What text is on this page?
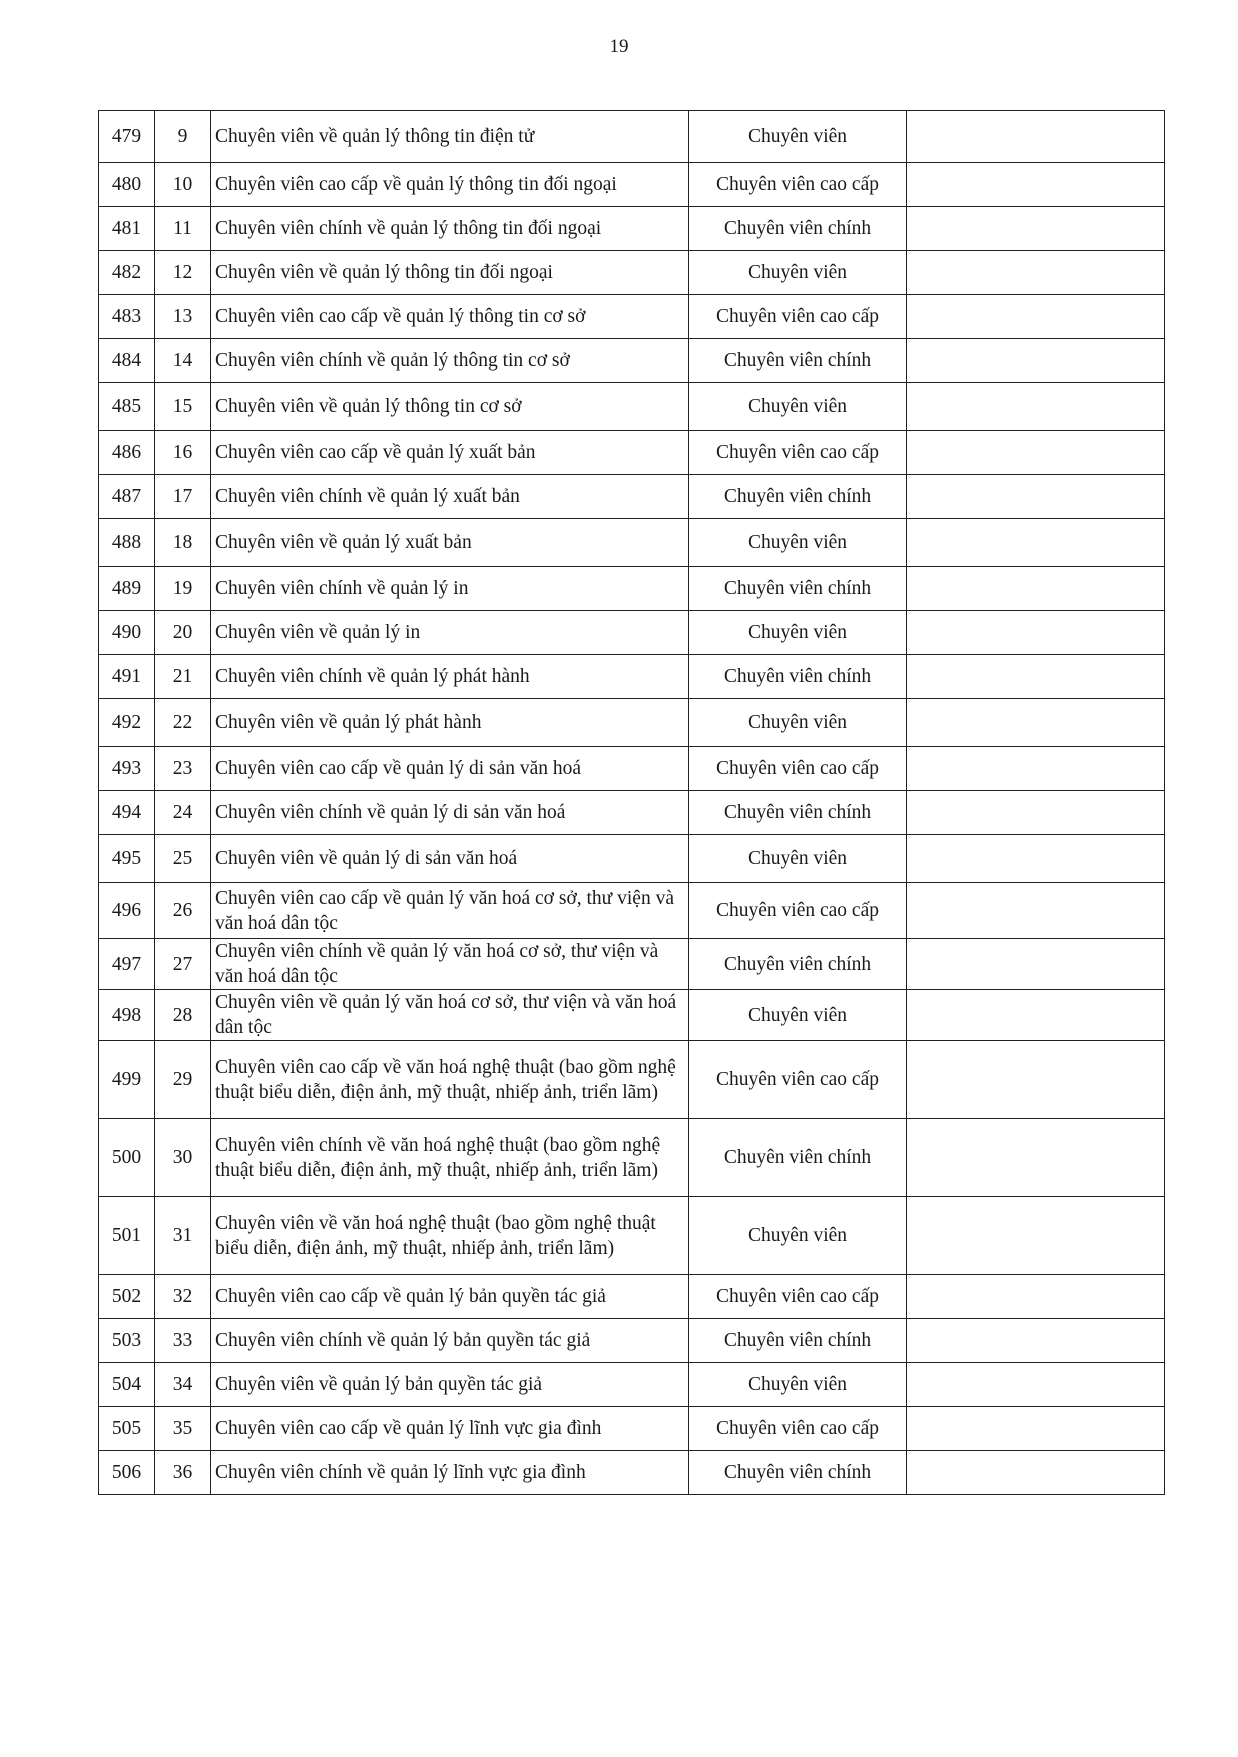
19
479	9	Chuyên viên về quản lý thông tin điện tử	Chuyên viên	
480	10	Chuyên viên cao cấp về quản lý thông tin đối ngoại	Chuyên viên cao cấp	
481	11	Chuyên viên chính về quản lý thông tin đối ngoại	Chuyên viên chính	
482	12	Chuyên viên về quản lý thông tin đối ngoại	Chuyên viên	
483	13	Chuyên viên cao cấp về quản lý thông tin cơ sở	Chuyên viên cao cấp	
484	14	Chuyên viên chính về quản lý thông tin cơ sở	Chuyên viên chính	
485	15	Chuyên viên về quản lý thông tin cơ sở	Chuyên viên	
486	16	Chuyên viên cao cấp về quản lý xuất bản	Chuyên viên cao cấp	
487	17	Chuyên viên chính về quản lý xuất bản	Chuyên viên chính	
488	18	Chuyên viên về quản lý xuất bản	Chuyên viên	
489	19	Chuyên viên chính về quản lý in	Chuyên viên chính	
490	20	Chuyên viên về quản lý in	Chuyên viên	
491	21	Chuyên viên chính về quản lý phát hành	Chuyên viên chính	
492	22	Chuyên viên về quản lý phát hành	Chuyên viên	
493	23	Chuyên viên cao cấp về quản lý di sản văn hoá	Chuyên viên cao cấp	
494	24	Chuyên viên chính về quản lý di sản văn hoá	Chuyên viên chính	
495	25	Chuyên viên về quản lý di sản văn hoá	Chuyên viên	
496	26	Chuyên viên cao cấp về quản lý văn hoá cơ sở, thư viện và văn hoá dân tộc	Chuyên viên cao cấp	
497	27	Chuyên viên chính về quản lý văn hoá cơ sở, thư viện và văn hoá dân tộc	Chuyên viên chính	
498	28	Chuyên viên về quản lý văn hoá cơ sở, thư viện và văn hoá dân tộc	Chuyên viên	
499	29	Chuyên viên cao cấp về văn hoá nghệ thuật (bao gồm nghệ thuật biểu diễn, điện ảnh, mỹ thuật, nhiếp ảnh, triển lãm)	Chuyên viên cao cấp	
500	30	Chuyên viên chính về văn hoá nghệ thuật (bao gồm nghệ thuật biểu diễn, điện ảnh, mỹ thuật, nhiếp ảnh, triển lãm)	Chuyên viên chính	
501	31	Chuyên viên về văn hoá nghệ thuật (bao gồm nghệ thuật biểu diễn, điện ảnh, mỹ thuật, nhiếp ảnh, triển lãm)	Chuyên viên	
502	32	Chuyên viên cao cấp về quản lý bản quyền tác giả	Chuyên viên cao cấp	
503	33	Chuyên viên chính về quản lý bản quyền tác giả	Chuyên viên chính	
504	34	Chuyên viên về quản lý bản quyền tác giả	Chuyên viên	
505	35	Chuyên viên cao cấp về quản lý lĩnh vực gia đình	Chuyên viên cao cấp	
506	36	Chuyên viên chính về quản lý lĩnh vực gia đình	Chuyên viên chính	
